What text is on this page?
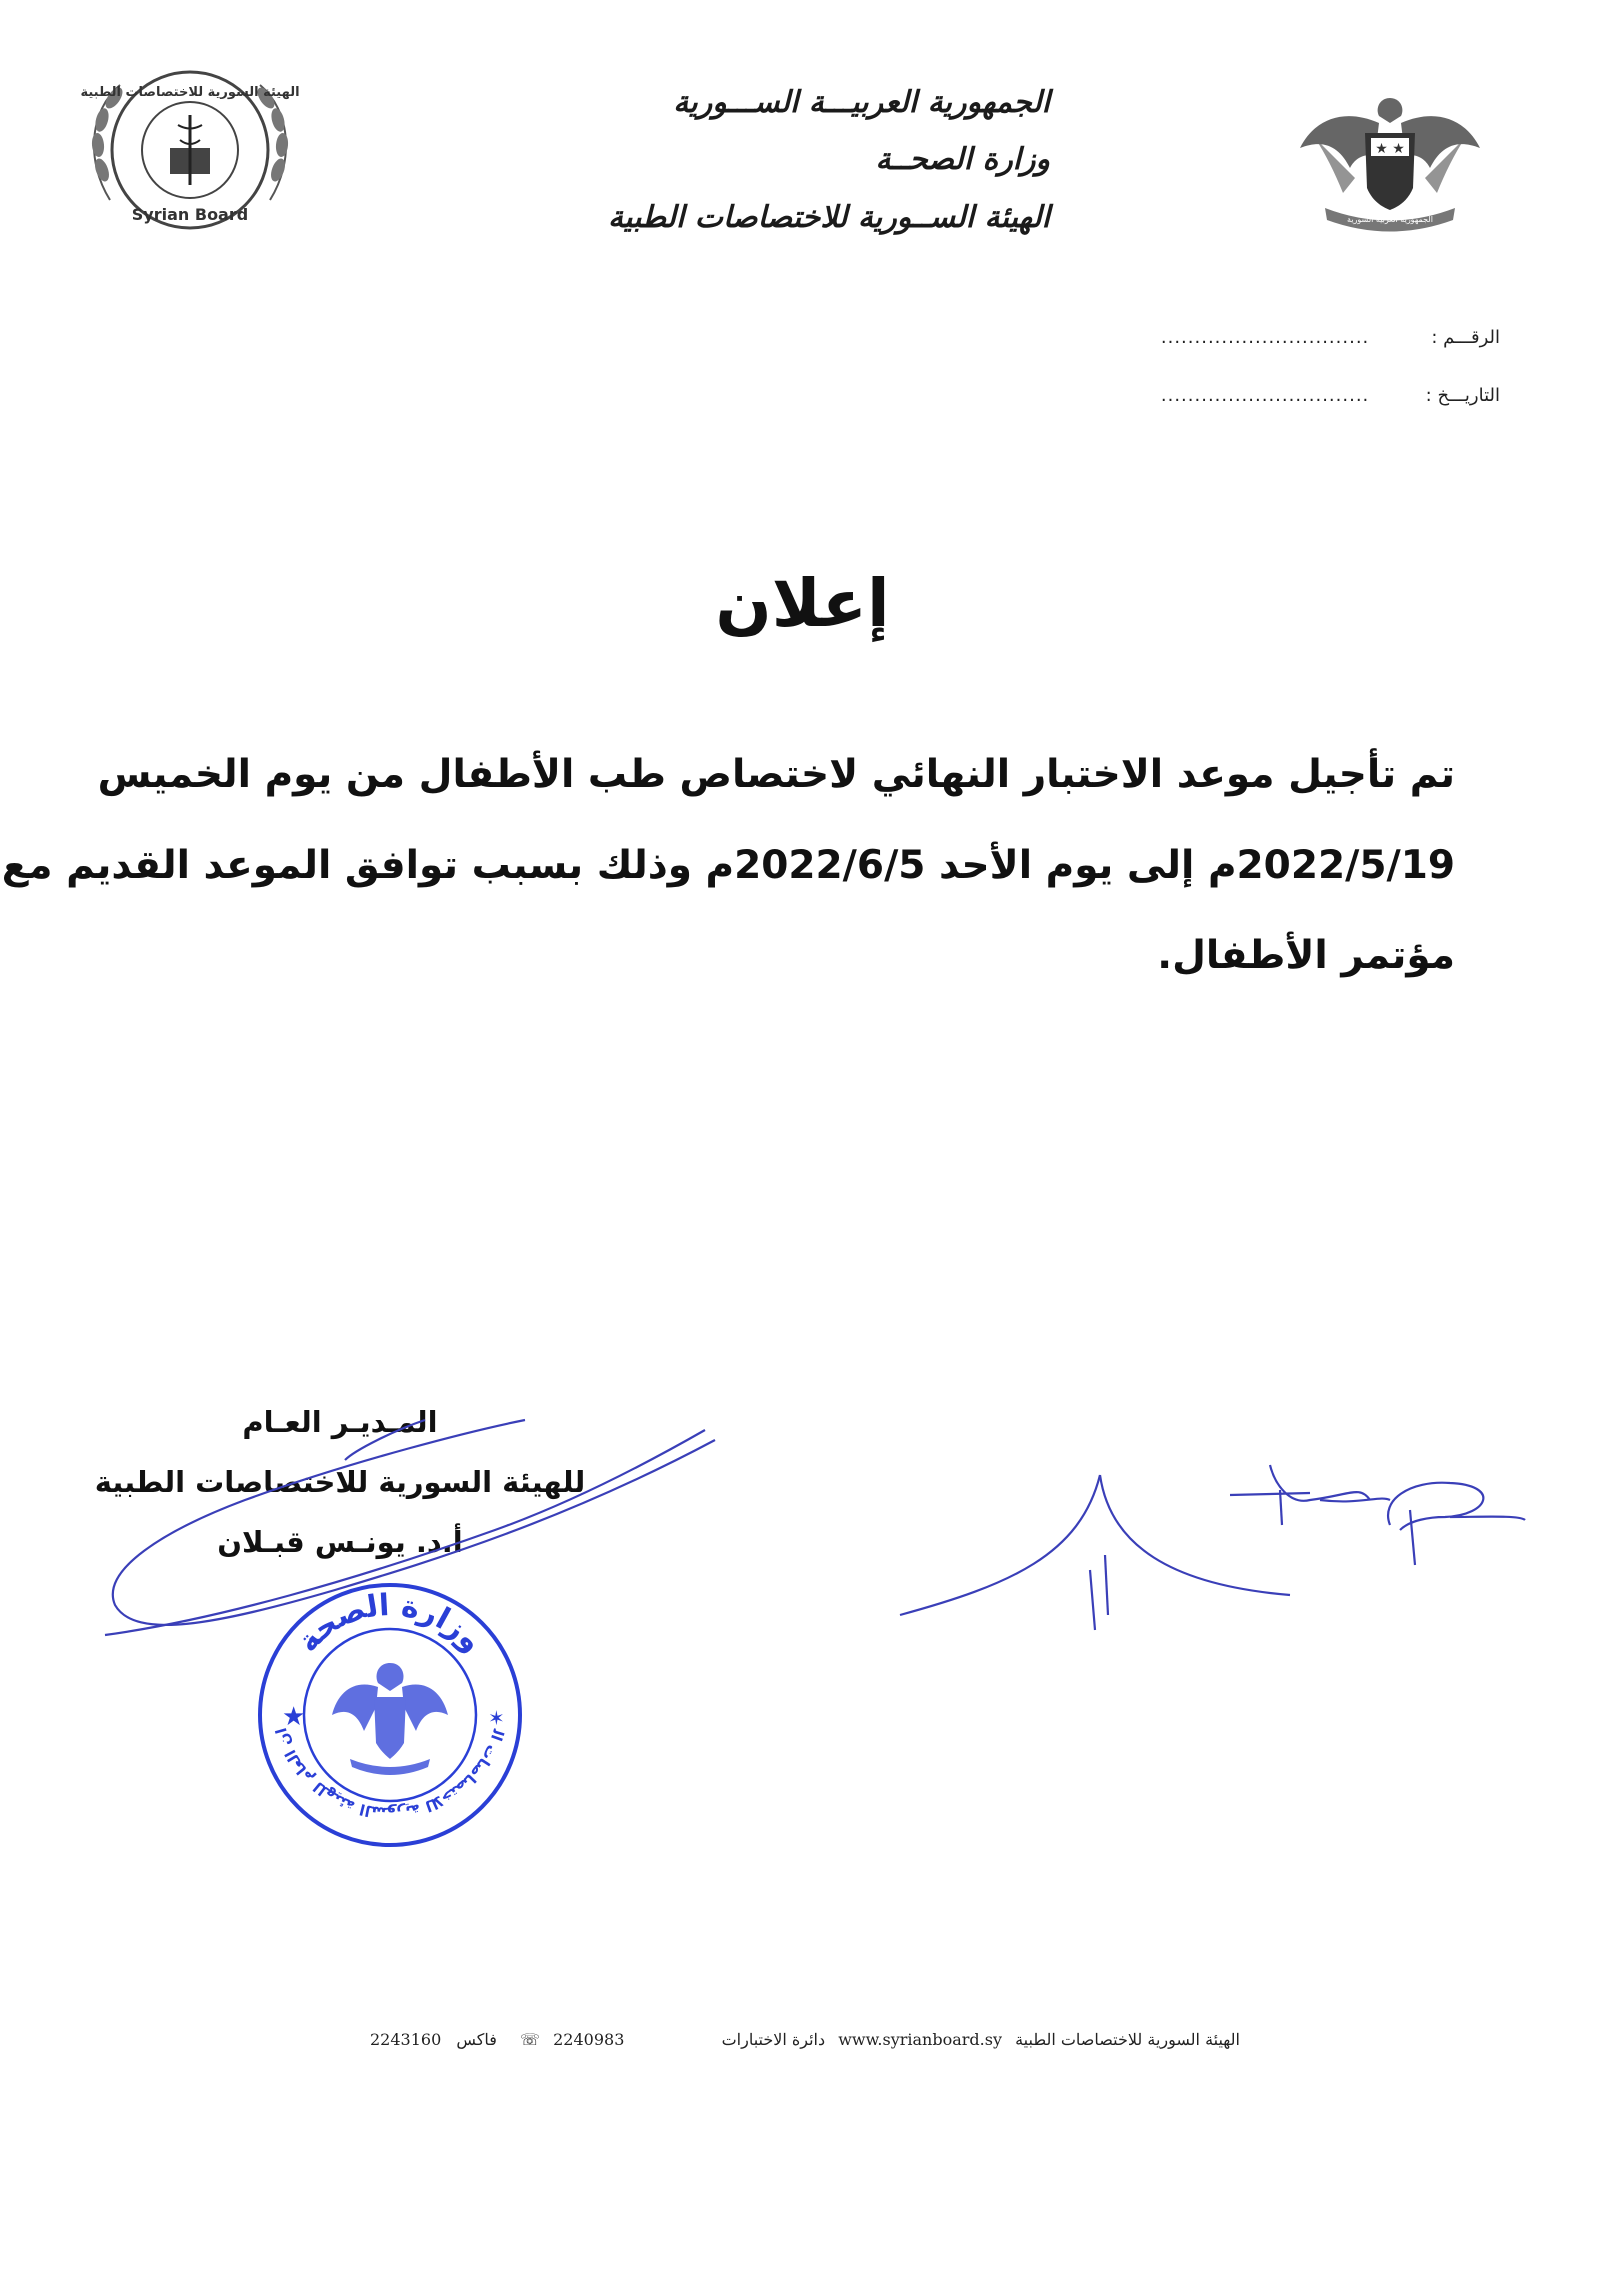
الهيئة السورية للاختصاصات الطبية
Syrian Board
★ ★
الجمهورية العربية السورية
الجمهورية العربيـــة الســـورية
وزارة الصحــة
الهيئة الســورية للاختصاصات الطبية
الرقـــم : ...............................
التاريـــخ : ...............................
إعلان
تم تأجيل موعد الاختبار النهائي لاختصاص طب الأطفال من يوم الخميس
2022/5/19م إلى يوم الأحد 2022/6/5م وذلك بسبب توافق الموعد القديم مع
مؤتمر الأطفال.
المـديـر العـام
للهيئة السورية للاختصاصات الطبية
أ.د. يونـس قبـلان
وزارة الصحة
ان العام للهيئة السورية للاختصاصات ال
★	✶
الهيئة السورية للاختصاصات الطبية www.syrianboard.sy دائرة الاختبارات
2240983 ☏
فاكس 2243160
